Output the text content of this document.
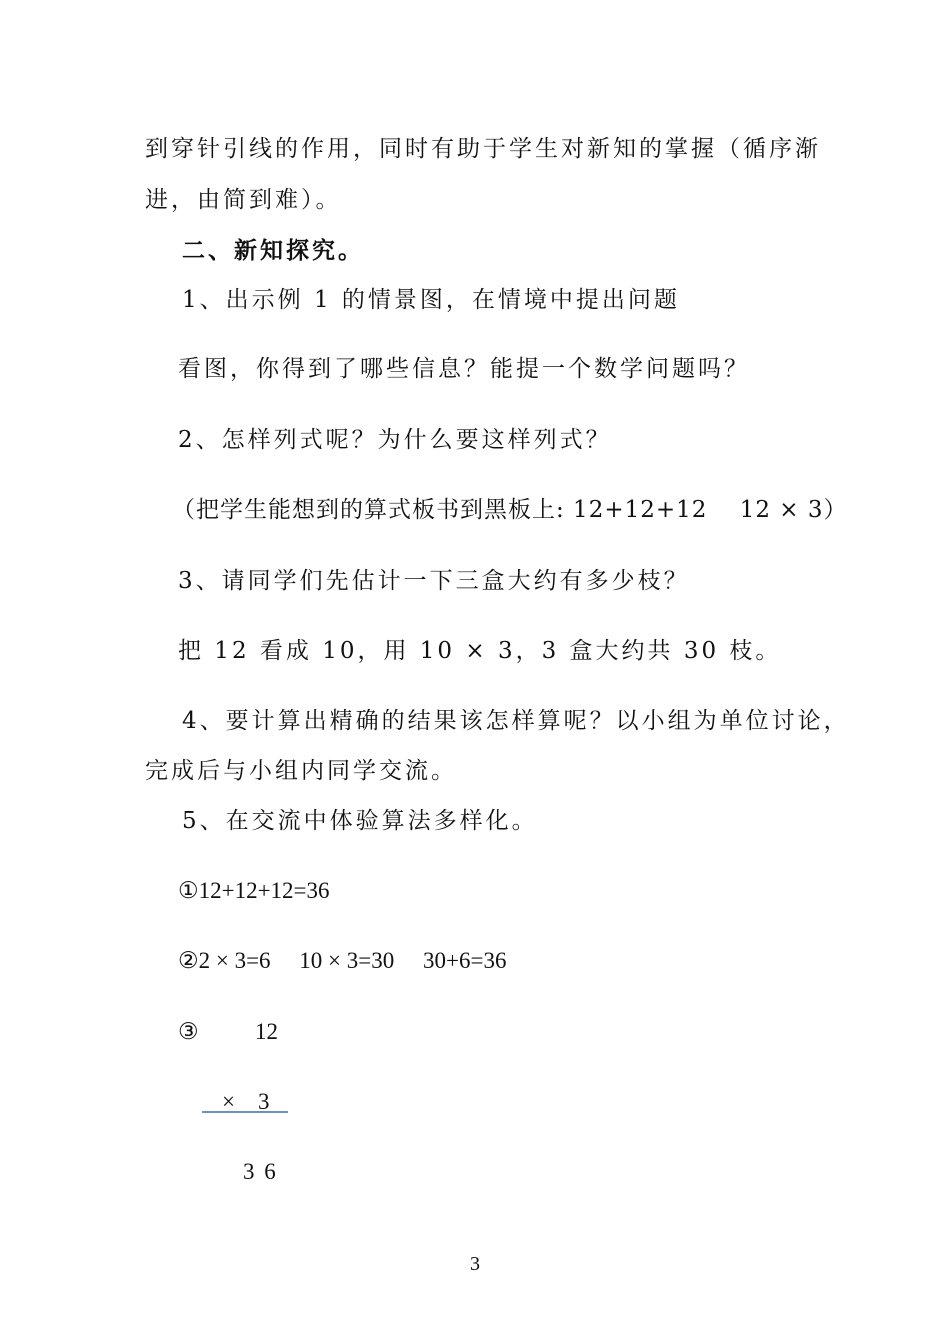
到穿针引线的作用，同时有助于学生对新知的掌握（循序渐
进，由简到难）。
二、新知探究。
1、出示例 1 的情景图，在情境中提出问题
看图，你得到了哪些信息？能提一个数学问题吗？
2、怎样列式呢？为什么要这样列式？
（把学生能想到的算式板书到黑板上: 12+12+12　 12 × 3）
3、请同学们先估计一下三盒大约有多少枝？
把 12 看成 10，用 10 × 3，3 盒大约共 30 枝。
4、要计算出精确的结果该怎样算呢？以小组为单位讨论，
完成后与小组内同学交流。
5、在交流中体验算法多样化。
①12+12+12=36
②2 × 3=6　 10 × 3=30　 30+6=36
③ 12
×　3
3 6
3
